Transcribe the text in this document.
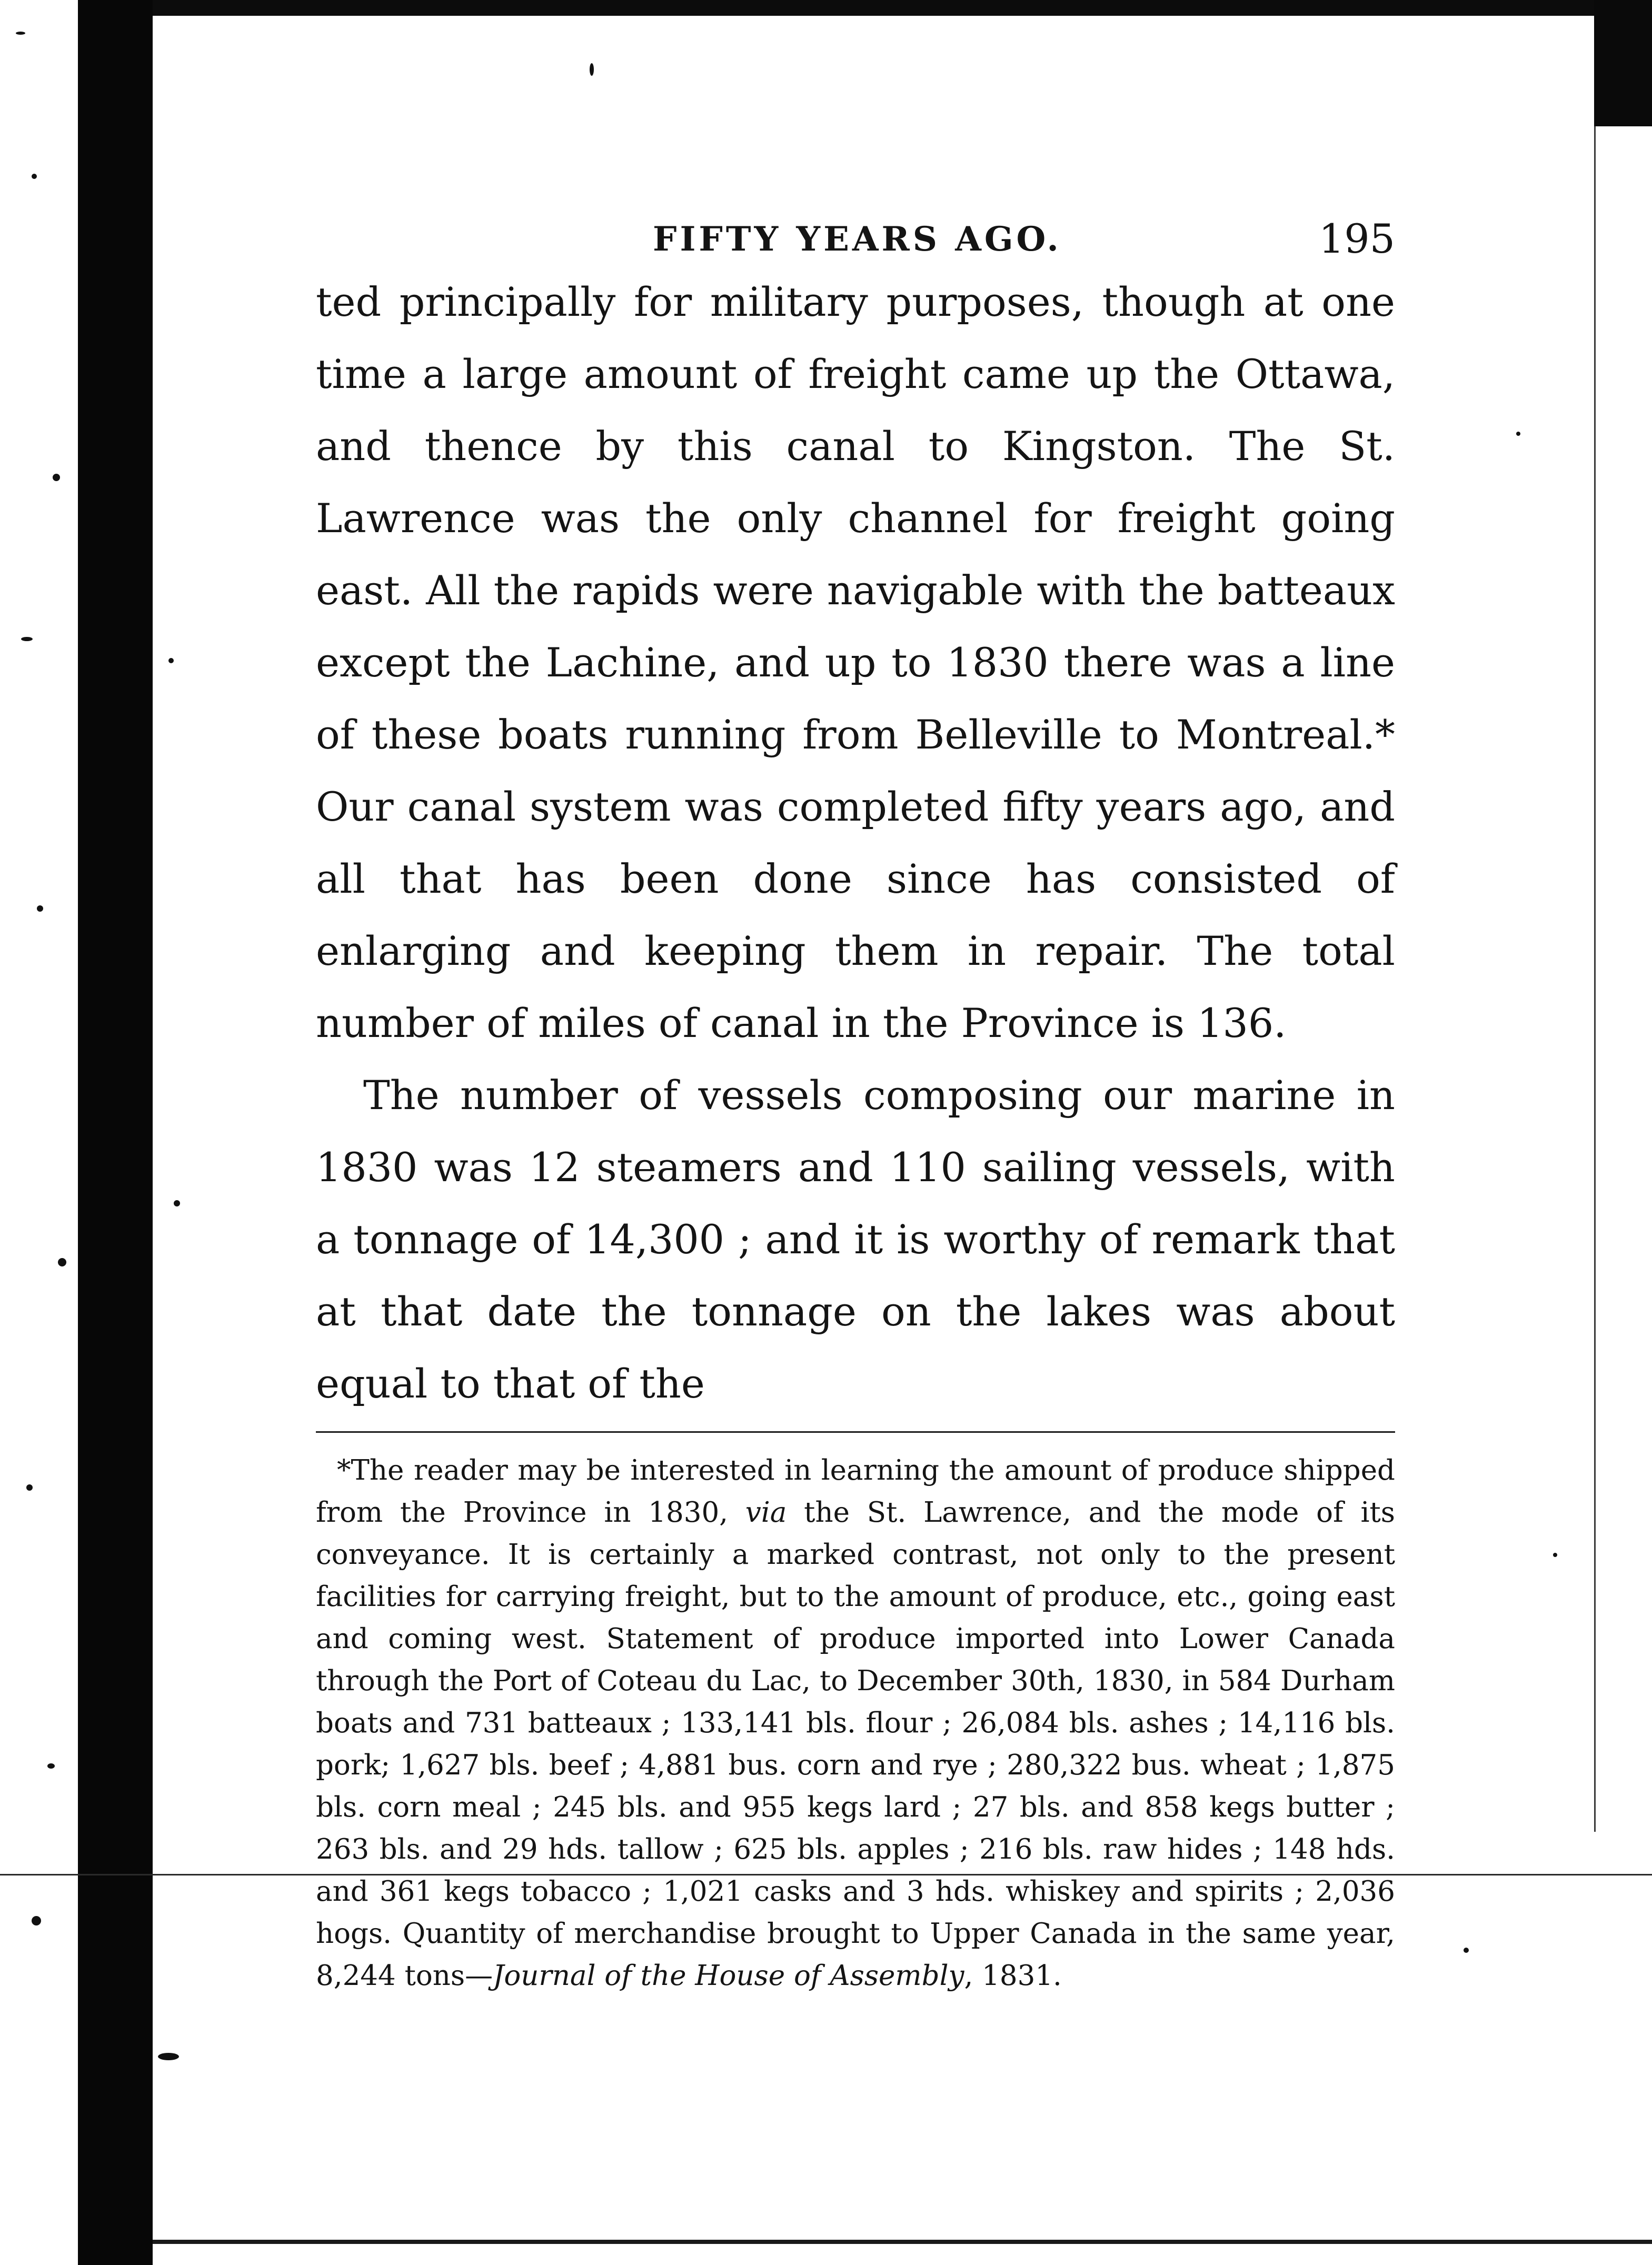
FIFTY YEARS AGO.	195

ted principally for military purposes, though at one time a large amount of freight came up the Ottawa, and thence by this canal to Kingston. The St. Lawrence was the only channel for freight going east. All the rapids were navigable with the batteaux except the Lachine, and up to 1830 there was a line of these boats running from Belleville to Montreal.* Our canal system was completed fifty years ago, and all that has been done since has consisted of enlarging and keeping them in repair. The total number of miles of canal in the Province is 136.

The number of vessels composing our marine in 1830 was 12 steamers and 110 sailing vessels, with a tonnage of 14,300 ; and it is worthy of remark that at that date the tonnage on the lakes was about equal to that of the

*The reader may be interested in learning the amount of produce shipped from the Province in 1830, via the St. Lawrence, and the mode of its conveyance. It is certainly a marked contrast, not only to the present facilities for carrying freight, but to the amount of produce, etc., going east and coming west. Statement of produce imported into Lower Canada through the Port of Coteau du Lac, to December 30th, 1830, in 584 Durham boats and 731 batteaux ; 133,141 bls. flour ; 26,084 bls. ashes ; 14,116 bls. pork; 1,627 bls. beef ; 4,881 bus. corn and rye ; 280,322 bus. wheat ; 1,875 bls. corn meal ; 245 bls. and 955 kegs lard ; 27 bls. and 858 kegs butter ; 263 bls. and 29 hds. tallow ; 625 bls. apples ; 216 bls. raw hides ; 148 hds. and 361 kegs tobacco ; 1,021 casks and 3 hds. whiskey and spirits ; 2,036 hogs. Quantity of merchandise brought to Upper Canada in the same year, 8,244 tons—Journal of the House of Assembly, 1831.
